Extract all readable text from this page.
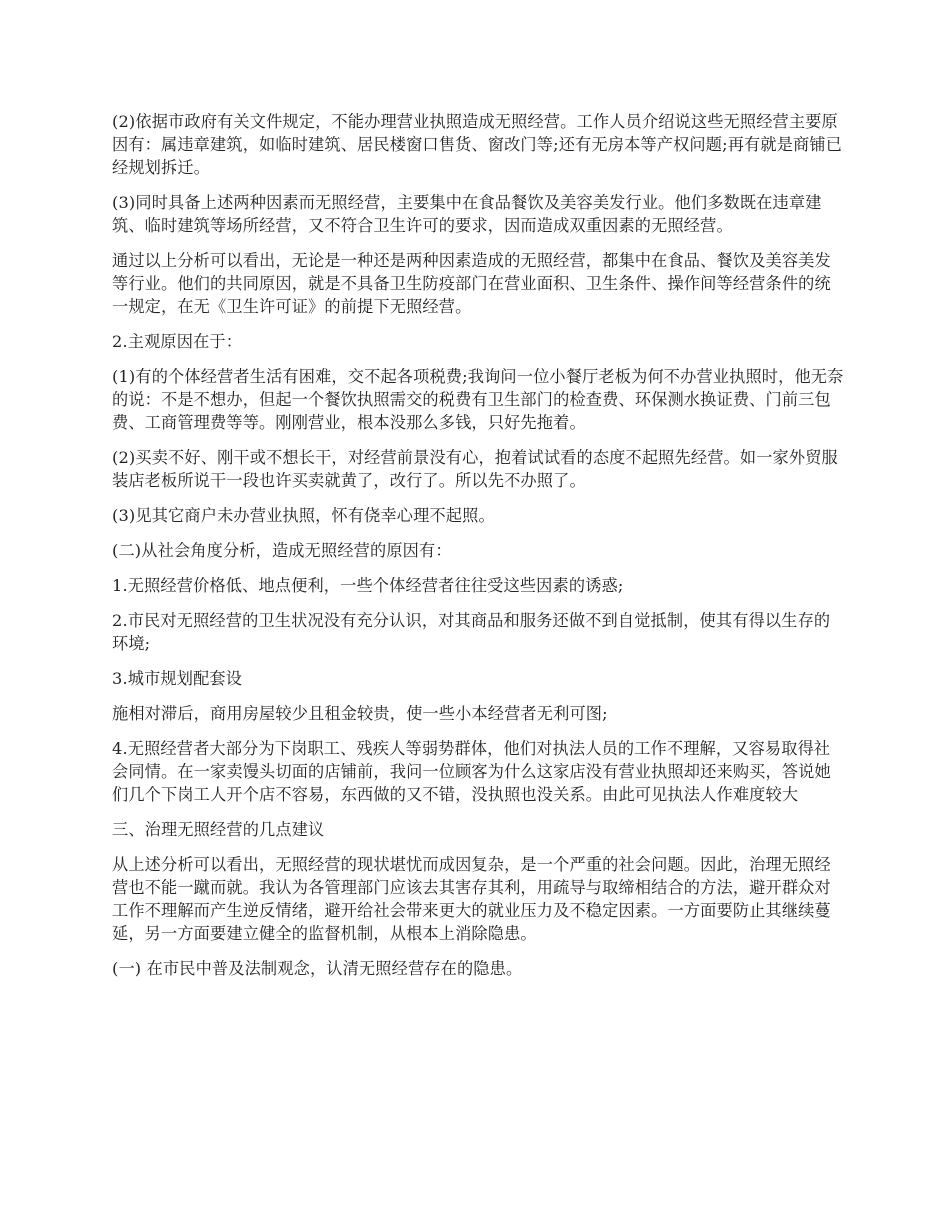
(2)依据市政府有关文件规定，不能办理营业执照造成无照经营。工作人员介绍说这些无照经营主要原因有：属违章建筑，如临时建筑、居民楼窗口售货、窗改门等;还有无房本等产权问题;再有就是商铺已经规划拆迁。

(3)同时具备上述两种因素而无照经营，主要集中在食品餐饮及美容美发行业。他们多数既在违章建筑、临时建筑等场所经营，又不符合卫生许可的要求，因而造成双重因素的无照经营。

通过以上分析可以看出，无论是一种还是两种因素造成的无照经营，都集中在食品、餐饮及美容美发等行业。他们的共同原因，就是不具备卫生防疫部门在营业面积、卫生条件、操作间等经营条件的统一规定，在无《卫生许可证》的前提下无照经营。

2.主观原因在于：

(1)有的个体经营者生活有困难，交不起各项税费;我询问一位小餐厅老板为何不办营业执照时，他无奈的说：不是不想办，但起一个餐饮执照需交的税费有卫生部门的检查费、环保测水换证费、门前三包费、工商管理费等等。刚刚营业，根本没那么多钱，只好先拖着。

(2)买卖不好、刚干或不想长干，对经营前景没有心，抱着试试看的态度不起照先经营。如一家外贸服装店老板所说干一段也许买卖就黄了，改行了。所以先不办照了。

(3)见其它商户未办营业执照，怀有侥幸心理不起照。

(二)从社会角度分析，造成无照经营的原因有：

1.无照经营价格低、地点便利，一些个体经营者往往受这些因素的诱惑;

2.市民对无照经营的卫生状况没有充分认识，对其商品和服务还做不到自觉抵制，使其有得以生存的环境;

3.城市规划配套设

施相对滞后，商用房屋较少且租金较贵，使一些小本经营者无利可图;

4.无照经营者大部分为下岗职工、残疾人等弱势群体，他们对执法人员的工作不理解，又容易取得社会同情。在一家卖馒头切面的店铺前，我问一位顾客为什么这家店没有营业执照却还来购买，答说她们几个下岗工人开个店不容易，东西做的又不错，没执照也没关系。由此可见执法人作难度较大

三、治理无照经营的几点建议

从上述分析可以看出，无照经营的现状堪忧而成因复杂，是一个严重的社会问题。因此，治理无照经营也不能一蹴而就。我认为各管理部门应该去其害存其利，用疏导与取缔相结合的方法，避开群众对工作不理解而产生逆反情绪，避开给社会带来更大的就业压力及不稳定因素。一方面要防止其继续蔓延，另一方面要建立健全的监督机制，从根本上消除隐患。

(一) 在市民中普及法制观念，认清无照经营存在的隐患。
